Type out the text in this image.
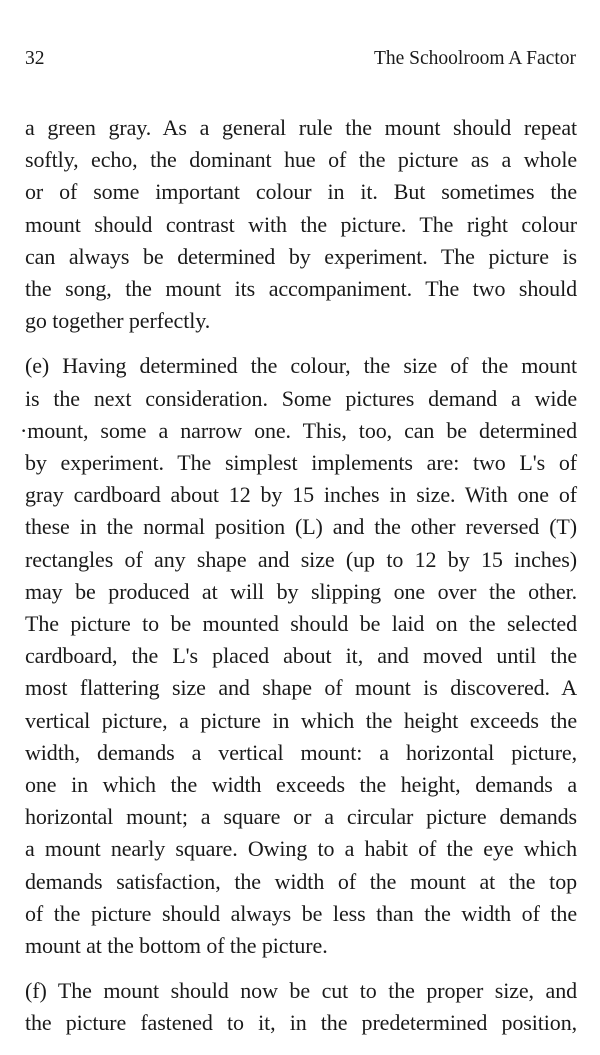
32	The Schoolroom A Factor

a green gray. As a general rule the mount should repeat
softly, echo, the dominant hue of the picture as a whole
or of some important colour in it. But sometimes the
mount should contrast with the picture. The right colour
can always be determined by experiment. The picture is
the song, the mount its accompaniment. The two should
go together perfectly.

(e) Having determined the colour, the size of the mount
is the next consideration. Some pictures demand a wide
·mount, some a narrow one. This, too, can be determined
by experiment. The simplest implements are: two L's of
gray cardboard about 12 by 15 inches in size. With one of
these in the normal position (L) and the other reversed (T)
rectangles of any shape and size (up to 12 by 15 inches)
may be produced at will by slipping one over the other.
The picture to be mounted should be laid on the selected
cardboard, the L's placed about it, and moved until the
most flattering size and shape of mount is discovered. A
vertical picture, a picture in which the height exceeds the
width, demands a vertical mount: a horizontal picture,
one in which the width exceeds the height, demands a
horizontal mount; a square or a circular picture demands
a mount nearly square. Owing to a habit of the eye which
demands satisfaction, the width of the mount at the top
of the picture should always be less than the width of the
mount at the bottom of the picture.

(f) The mount should now be cut to the proper size, and
the picture fastened to it, in the predetermined position,
